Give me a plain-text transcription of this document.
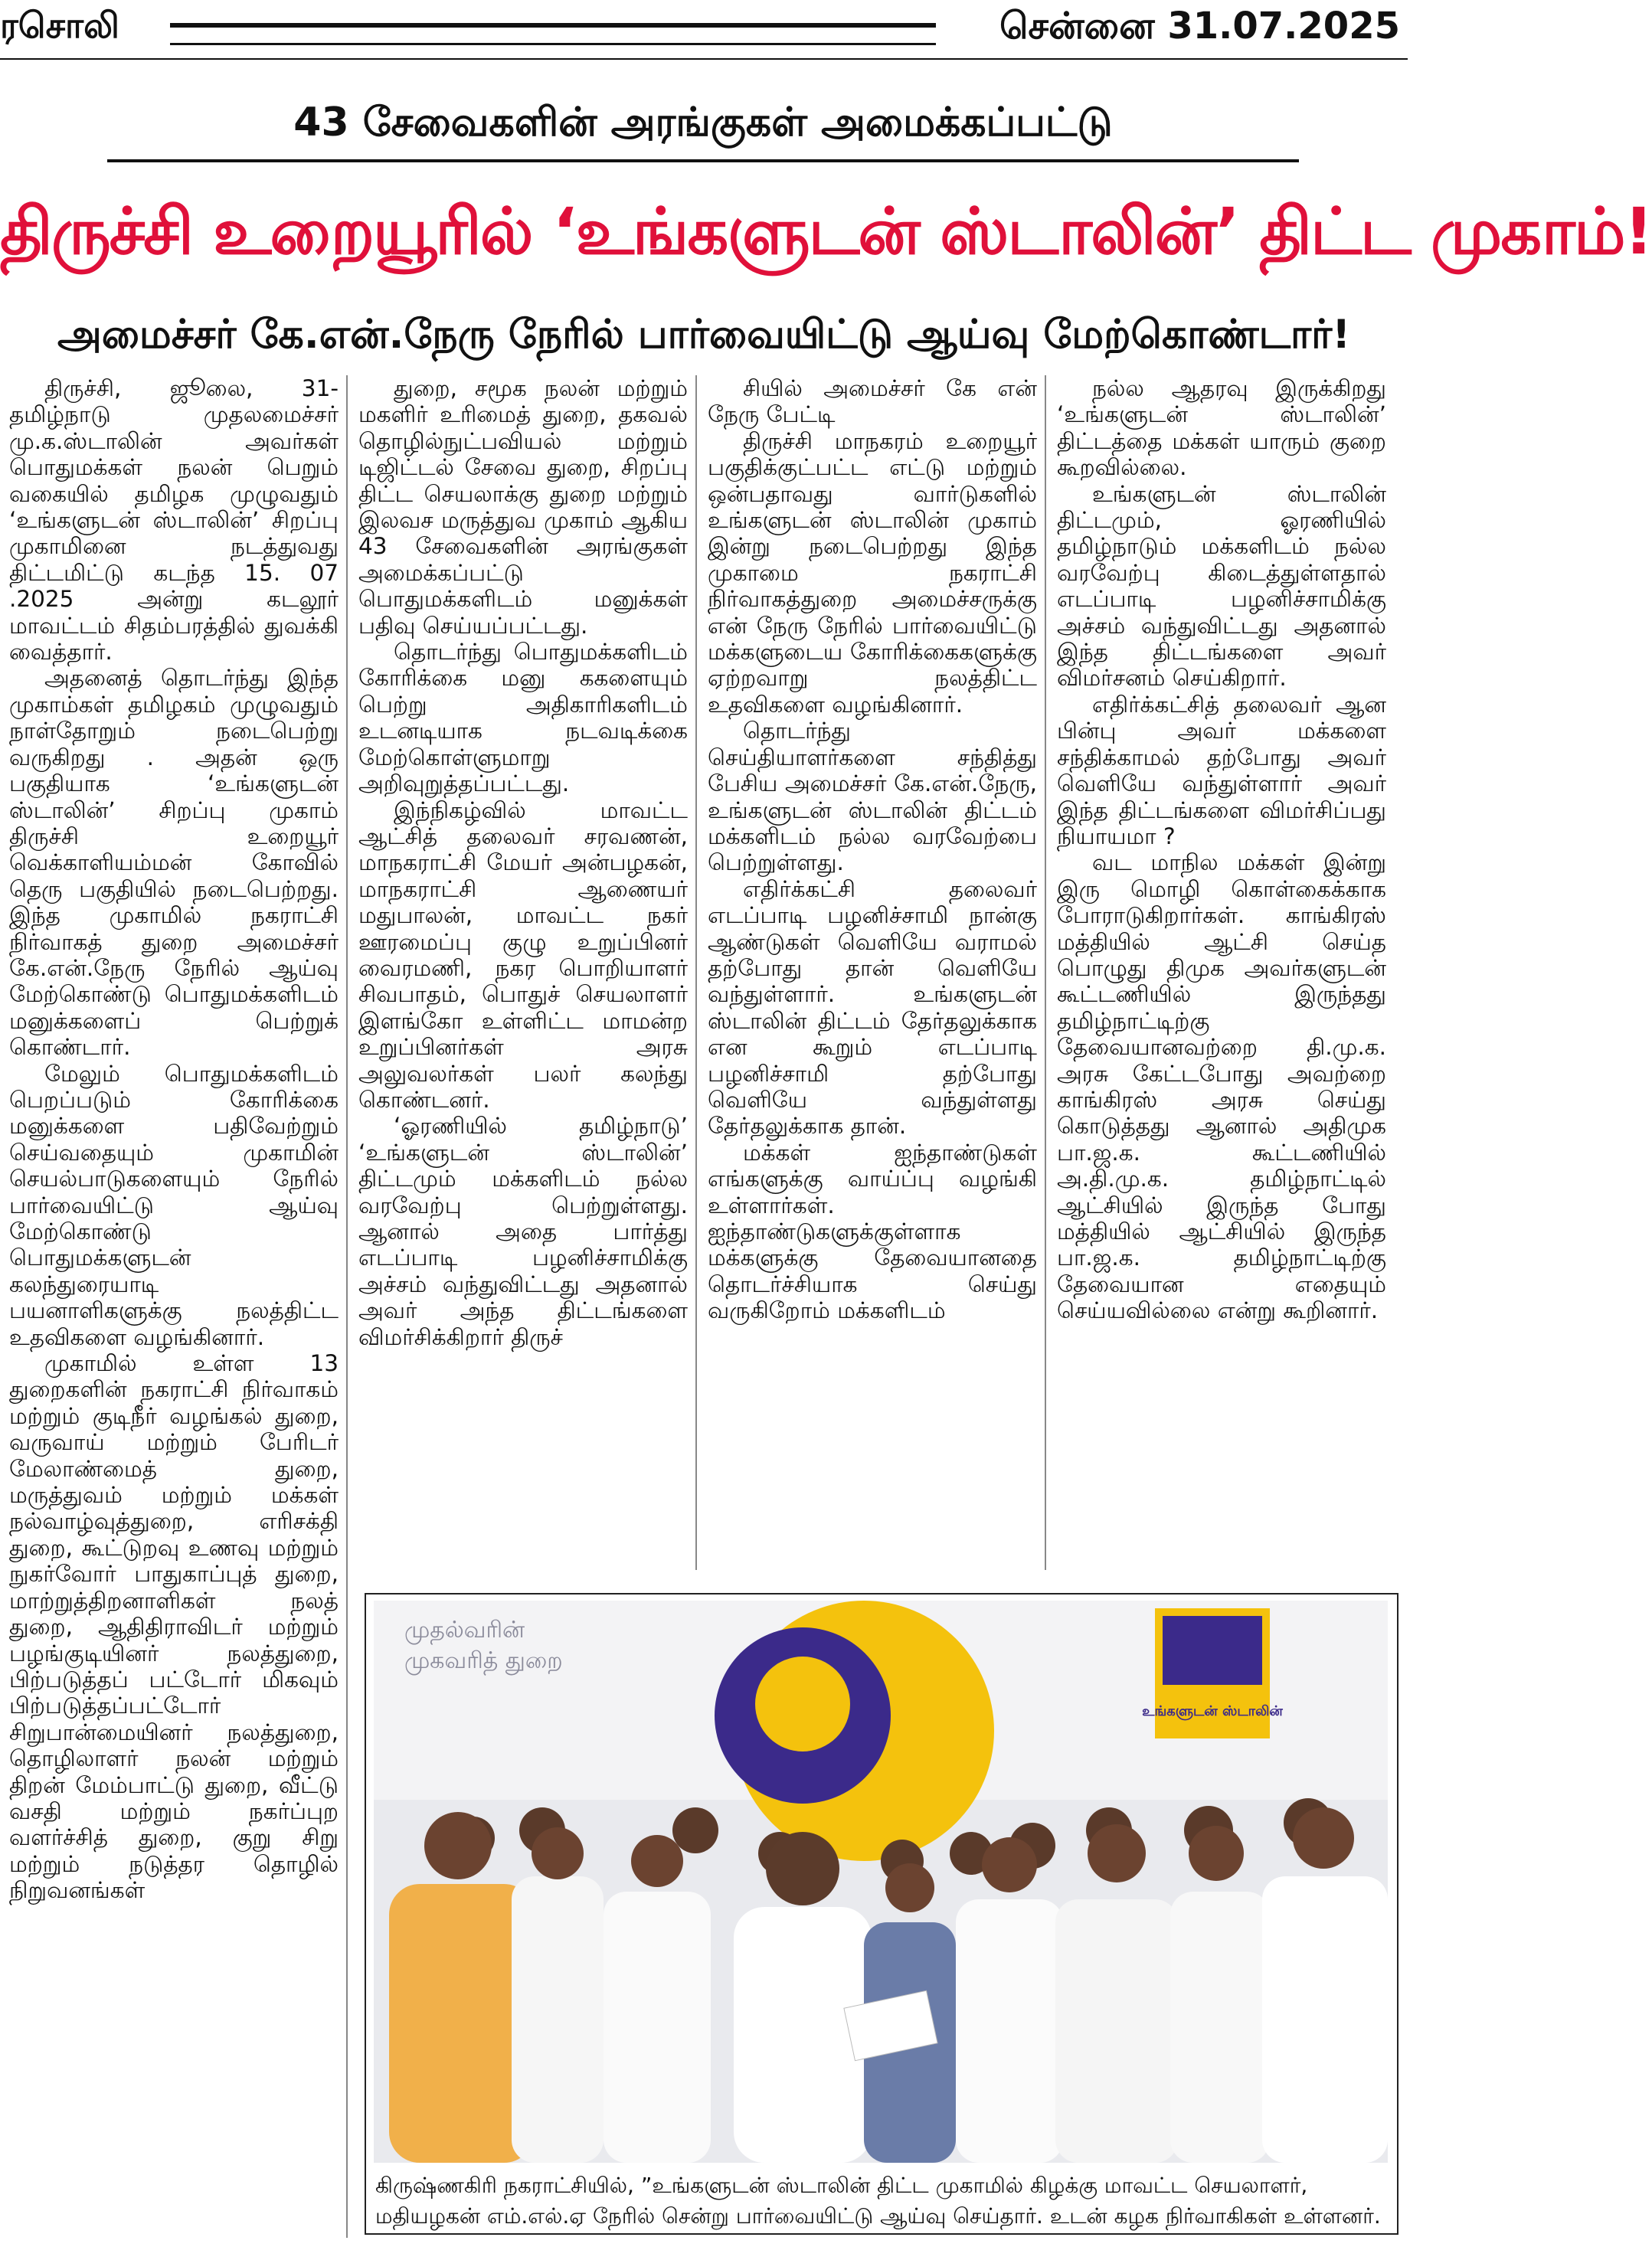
ரசொலி	சென்னை 31.07.2025
43 சேவைகளின் அரங்குகள் அமைக்கப்பட்டு
திருச்சி உறையூரில் ‘உங்களுடன் ஸ்டாலின்’ திட்ட முகாம்!
அமைச்சர் கே.என்.நேரு நேரில் பார்வையிட்டு ஆய்வு மேற்கொண்டார்!

திருச்சி, ஜூலை, 31- தமிழ்நாடு முதலமைச்சர் மு.க.ஸ்டாலின் அவர்கள் பொதுமக்கள் நலன் பெறும் வகையில் தமிழக முழுவதும் ‘உங்களுடன் ஸ்டாலின்’ சிறப்பு முகாமினை நடத்துவது திட்டமிட்டு கடந்த 15. 07 .2025 அன்று கடலூர் மாவட்டம் சிதம்பரத்தில் துவக்கி வைத்தார்.

அதனைத் தொடர்ந்து இந்த முகாம்கள் தமிழகம் முழுவதும் நாள்தோறும் நடைபெற்று வருகிறது . அதன் ஒரு பகுதியாக ‘உங்களுடன் ஸ்டாலின்’ சிறப்பு முகாம் திருச்சி உறையூர் வெக்காளியம்மன் கோவில் தெரு பகுதியில் நடைபெற்றது. இந்த முகாமில் நகராட்சி நிர்வாகத் துறை அமைச்சர் கே.என்.நேரு நேரில் ஆய்வு மேற்கொண்டு பொதுமக்களிடம் மனுக்களைப் பெற்றுக் கொண்டார்.

மேலும் பொதுமக்களிடம் பெறப்படும் கோரிக்கை மனுக்களை பதிவேற்றும் செய்வதையும் முகாமின் செயல்பாடுகளையும் நேரில் பார்வையிட்டு ஆய்வு மேற்கொண்டு பொதுமக்களுடன் கலந்துரையாடி பயனாளிகளுக்கு நலத்திட்ட உதவிகளை வழங்கினார்.

முகாமில் உள்ள 13 துறைகளின் நகராட்சி நிர்வாகம் மற்றும் குடிநீர் வழங்கல் துறை, வருவாய் மற்றும் பேரிடர் மேலாண்மைத் துறை, மருத்துவம் மற்றும் மக்கள் நல்வாழ்வுத்துறை, எரிசக்தி துறை, கூட்டுறவு உணவு மற்றும் நுகர்வோர் பாதுகாப்புத் துறை, மாற்றுத்திறனாளிகள் நலத் துறை, ஆதிதிராவிடர் மற்றும் பழங்குடியினர் நலத்துறை, பிற்படுத்தப் பட்டோர் மிகவும் பிற்படுத்தப்பட்டோர் சிறுபான்மையினர் நலத்துறை, தொழிலாளர் நலன் மற்றும் திறன் மேம்பாட்டு துறை, வீட்டு வசதி மற்றும் நகர்ப்புற வளர்ச்சித் துறை, குறு சிறு மற்றும் நடுத்தர தொழில் நிறுவனங்கள்

துறை, சமூக நலன் மற்றும் மகளிர் உரிமைத் துறை, தகவல் தொழில்நுட்பவியல் மற்றும் டிஜிட்டல் சேவை துறை, சிறப்பு திட்ட செயலாக்கு துறை மற்றும் இலவச மருத்துவ முகாம் ஆகிய 43 சேவைகளின் அரங்குகள் அமைக்கப்பட்டு பொதுமக்களிடம் மனுக்கள் பதிவு செய்யப்பட்டது.

தொடர்ந்து பொதுமக்களிடம் கோரிக்கை மனு ககளையும் பெற்று அதிகாரிகளிடம் உடனடியாக நடவடிக்கை மேற்கொள்ளுமாறு அறிவுறுத்தப்பட்டது.

இந்நிகழ்வில் மாவட்ட ஆட்சித் தலைவர் சரவணன், மாநகராட்சி மேயர் அன்பழகன், மாநகராட்சி ஆணையர் மதுபாலன், மாவட்ட நகர் ஊரமைப்பு குழு உறுப்பினர் வைரமணி, நகர பொறியாளர் சிவபாதம், பொதுச் செயலாளர் இளங்கோ உள்ளிட்ட மாமன்ற உறுப்பினர்கள் அரசு அலுவலர்கள் பலர் கலந்து கொண்டனர்.

‘ஓரணியில் தமிழ்நாடு’ ‘உங்களுடன் ஸ்டாலின்’ திட்டமும் மக்களிடம் நல்ல வரவேற்பு பெற்றுள்ளது. ஆனால் அதை பார்த்து எடப்பாடி பழனிச்சாமிக்கு அச்சம் வந்துவிட்டது அதனால் அவர் அந்த திட்டங்களை விமர்சிக்கிறார் திருச்

சியில் அமைச்சர் கே என் நேரு பேட்டி

திருச்சி மாநகரம் உறையூர் பகுதிக்குட்பட்ட எட்டு மற்றும் ஒன்பதாவது வார்டுகளில் உங்களுடன் ஸ்டாலின் முகாம் இன்று நடைபெற்றது இந்த முகாமை நகராட்சி நிர்வாகத்துறை அமைச்சருக்கு என் நேரு நேரில் பார்வையிட்டு மக்களுடைய கோரிக்கைகளுக்கு ஏற்றவாறு நலத்திட்ட உதவிகளை வழங்கினார்.

தொடர்ந்து செய்தியாளர்களை சந்தித்து பேசிய அமைச்சர் கே.என்.நேரு, உங்களுடன் ஸ்டாலின் திட்டம் மக்களிடம் நல்ல வரவேற்பை பெற்றுள்ளது.

எதிர்க்கட்சி தலைவர் எடப்பாடி பழனிச்சாமி நான்கு ஆண்டுகள் வெளியே வராமல் தற்போது தான் வெளியே வந்துள்ளார். உங்களுடன் ஸ்டாலின் திட்டம் தேர்தலுக்காக என கூறும் எடப்பாடி பழனிச்சாமி தற்போது வெளியே வந்துள்ளது தேர்தலுக்காக தான்.

மக்கள் ஐந்தாண்டுகள் எங்களுக்கு வாய்ப்பு வழங்கி உள்ளார்கள். ஐந்தாண்டுகளுக்குள்ளாக மக்களுக்கு தேவையானதை தொடர்ச்சியாக செய்து வருகிறோம் மக்களிடம்

நல்ல ஆதரவு இருக்கிறது ‘உங்களுடன் ஸ்டாலின்’ திட்டத்தை மக்கள் யாரும் குறை கூறவில்லை.

உங்களுடன் ஸ்டாலின் திட்டமும், ஓரணியில் தமிழ்நாடும் மக்களிடம் நல்ல வரவேற்பு கிடைத்துள்ளதால் எடப்பாடி பழனிச்சாமிக்கு அச்சம் வந்துவிட்டது அதனால் இந்த திட்டங்களை அவர் விமர்சனம் செய்கிறார்.

எதிர்க்கட்சித் தலைவர் ஆன பின்பு அவர் மக்களை சந்திக்காமல் தற்போது அவர் வெளியே வந்துள்ளார் அவர் இந்த திட்டங்களை விமர்சிப்பது நியாயமா ?

வட மாநில மக்கள் இன்று இரு மொழி கொள்கைக்காக போராடுகிறார்கள். காங்கிரஸ் மத்தியில் ஆட்சி செய்த பொழுது திமுக அவர்களுடன் கூட்டணியில் இருந்தது தமிழ்நாட்டிற்கு தேவையானவற்றை தி.மு.க. அரசு கேட்டபோது அவற்றை காங்கிரஸ் அரசு செய்து கொடுத்தது ஆனால் அதிமுக பா.ஜ.க. கூட்டணியில் அ.தி.மு.க. தமிழ்நாட்டில் ஆட்சியில் இருந்த போது மத்தியில் ஆட்சியில் இருந்த பா.ஜ.க. தமிழ்நாட்டிற்கு தேவையான எதையும் செய்யவில்லை என்று கூறினார்.

முதல்வரின்
முகவரித் துறை
உங்களுடன் ஸ்டாலின்
கிருஷ்ணகிரி நகராட்சியில், ”உங்களுடன் ஸ்டாலின் திட்ட முகாமில் கிழக்கு மாவட்ட செயலாளர்,
மதியழகன் எம்.எல்.ஏ நேரில் சென்று பார்வையிட்டு ஆய்வு செய்தார். உடன் கழக நிர்வாகிகள் உள்ளனர்.
